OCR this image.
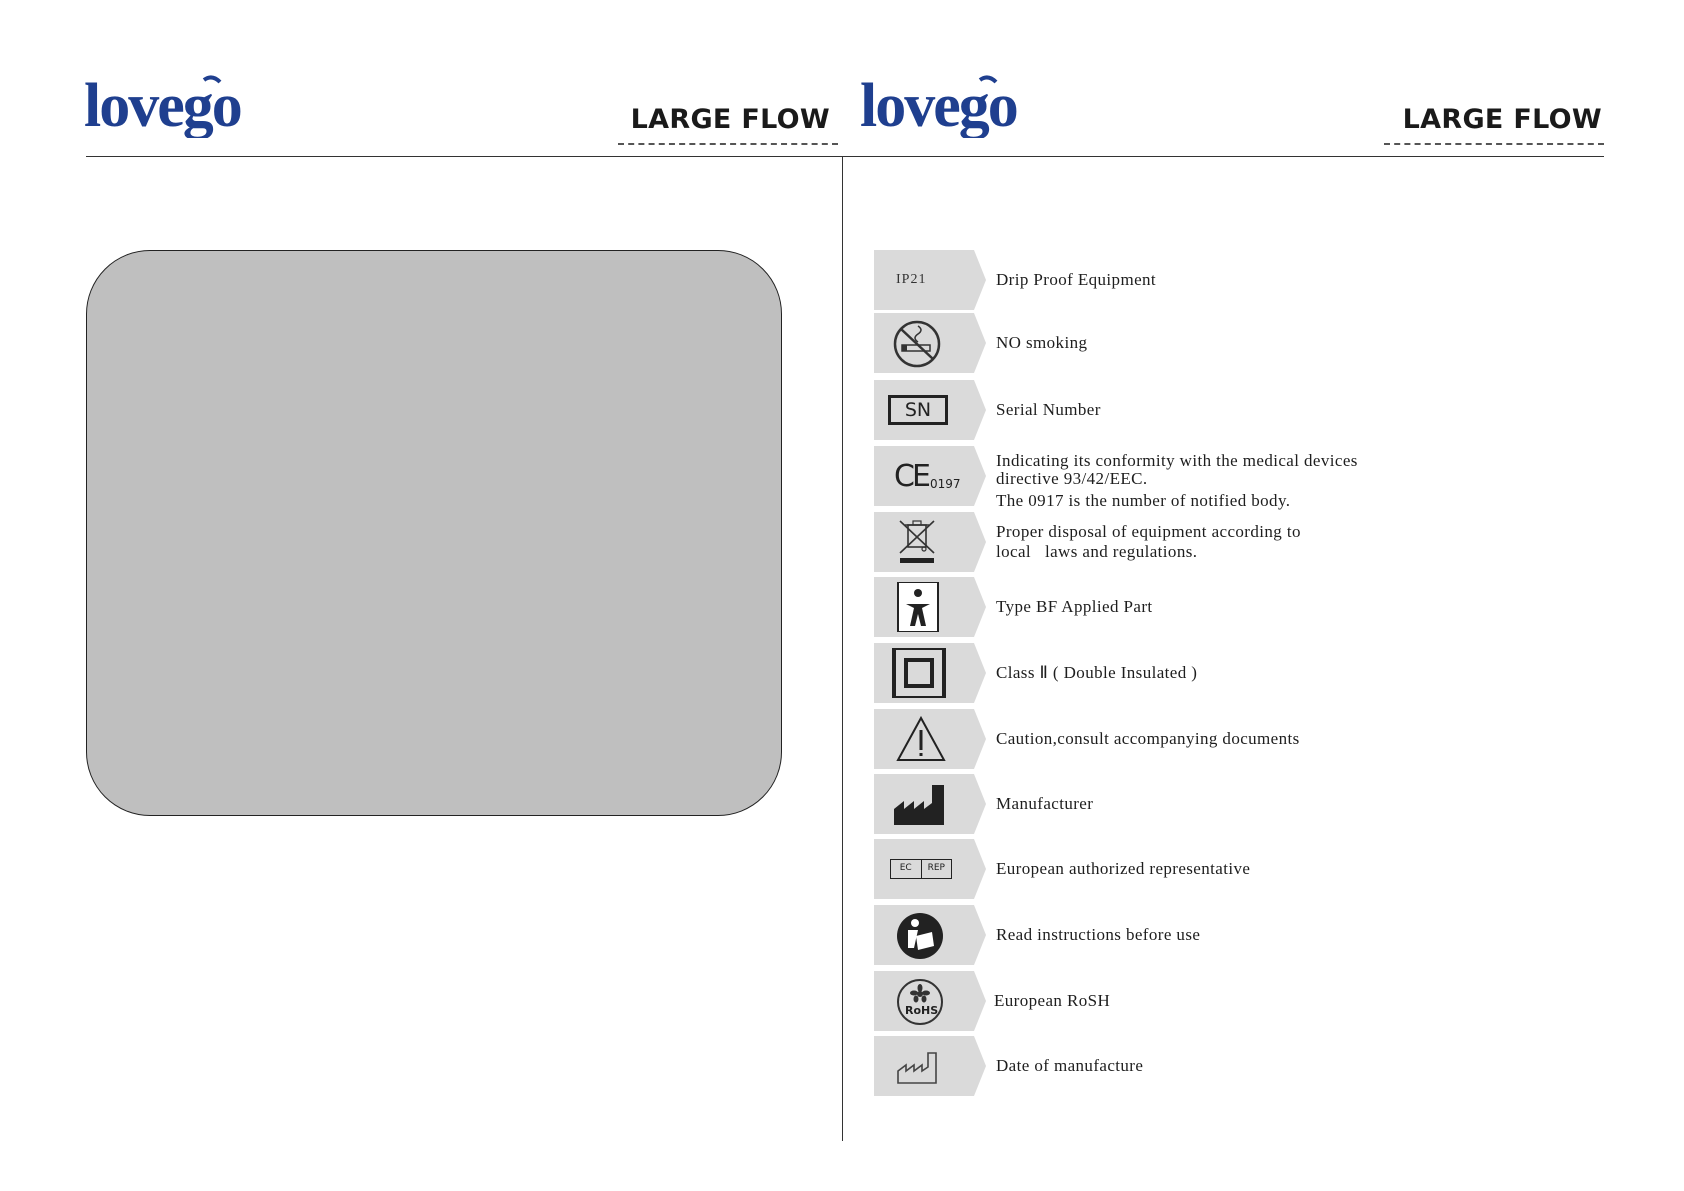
lovego	LARGE FLOW lovego	LARGE FLOW
IP21	Drip Proof Equipment
NO smoking
SN	Serial Number
CE 0197
Indicating its conformity with the medical devices
directive 93/42/EEC.
The 0917 is the number of notified body.
Proper disposal of equipment according to
local   laws and regulations.
Type BF Applied Part
Class Ⅱ ( Double Insulated )
Caution,consult accompanying documents
Manufacturer
EC	REP	European authorized representative
Read instructions before use
RoHS
European RoSH
Date of manufacture
